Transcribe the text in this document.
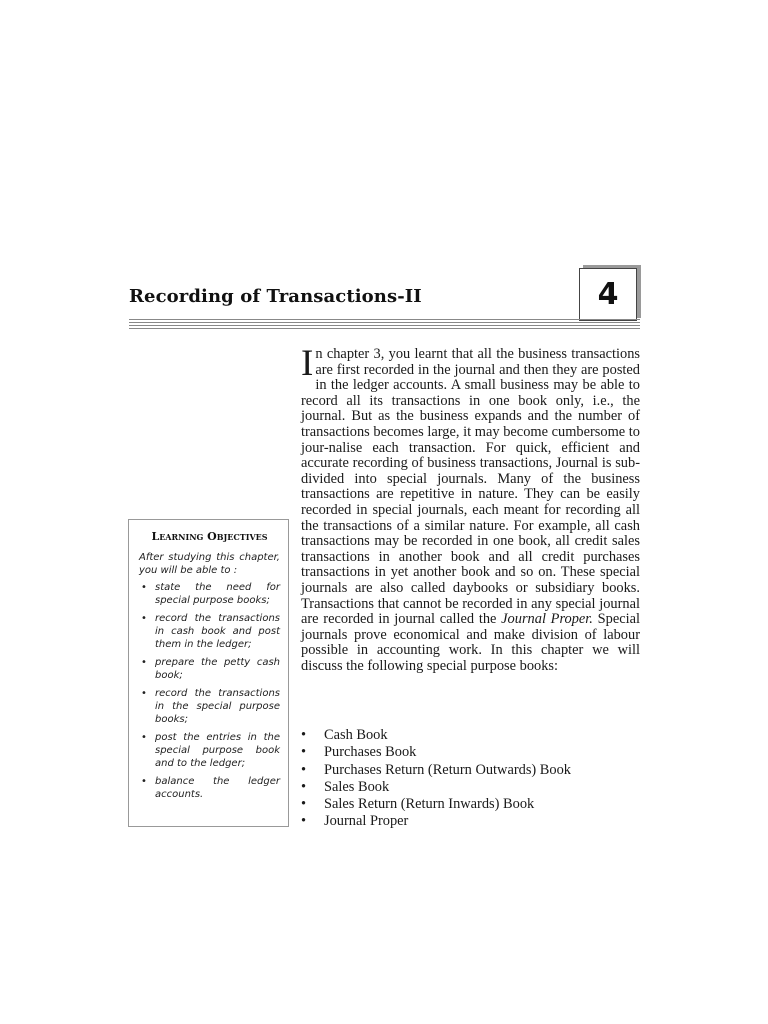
Recording of Transactions-II	4
Learning Objectives
After studying this chapter, you will be able to :
• state the need for special purpose books;
• record the transactions in cash book and post them in the ledger;
• prepare the petty cash book;
• record the transactions in the special purpose books;
• post the entries in the special purpose book and to the ledger;
• balance the ledger accounts.
In chapter 3, you learnt that all the business transactions are first recorded in the journal and then they are posted in the ledger accounts. A small business may be able to record all its transactions in one book only, i.e., the journal. But as the business expands and the number of transactions becomes large, it may become cumbersome to jour-nalise each transaction. For quick, efficient and accurate recording of business transactions, Journal is sub-divided into special journals. Many of the business transactions are repetitive in nature. They can be easily recorded in special journals, each meant for recording all the transactions of a similar nature. For example, all cash transactions may be recorded in one book, all credit sales transactions in another book and all credit purchases transactions in yet another book and so on. These special journals are also called daybooks or subsidiary books. Transactions that cannot be recorded in any special journal are recorded in journal called the Journal Proper. Special journals prove economical and make division of labour possible in accounting work. In this chapter we will discuss the following special purpose books:
• Cash Book
• Purchases Book
• Purchases Return (Return Outwards) Book
• Sales Book
• Sales Return (Return Inwards) Book
• Journal Proper
